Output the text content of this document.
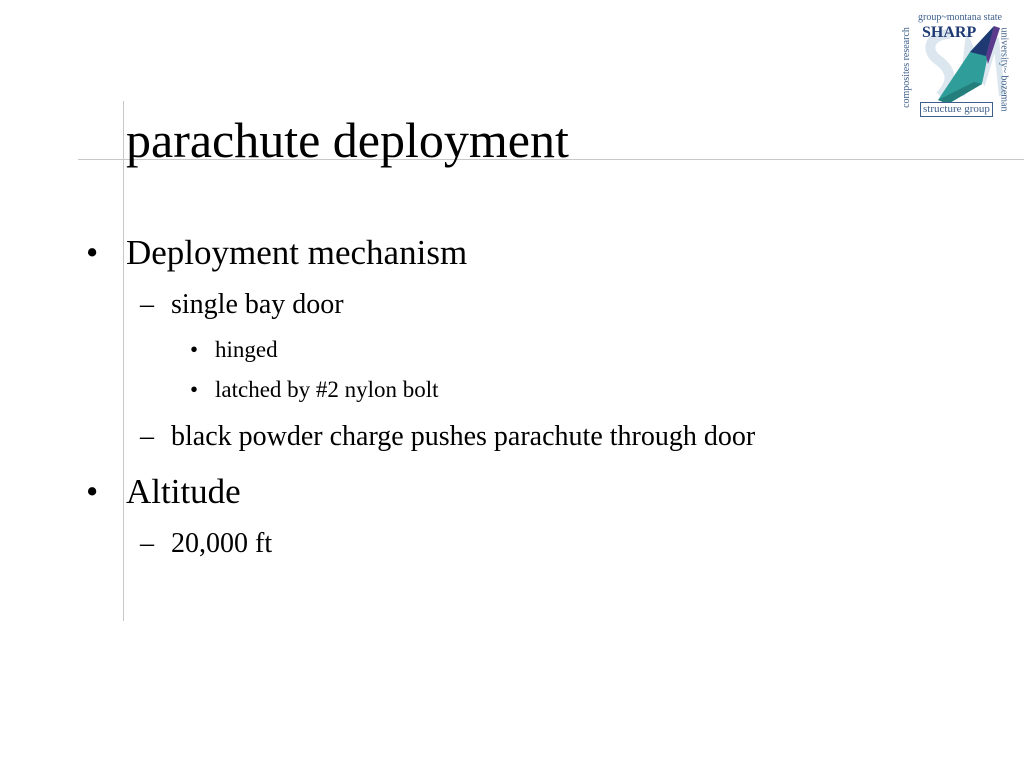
parachute deployment
group~montana state
SHARP
composites research	university~ bozeman
structure group
• Deployment mechanism
– single bay door
• hinged
• latched by #2 nylon bolt
– black powder charge pushes parachute through door
• Altitude
– 20,000 ft
